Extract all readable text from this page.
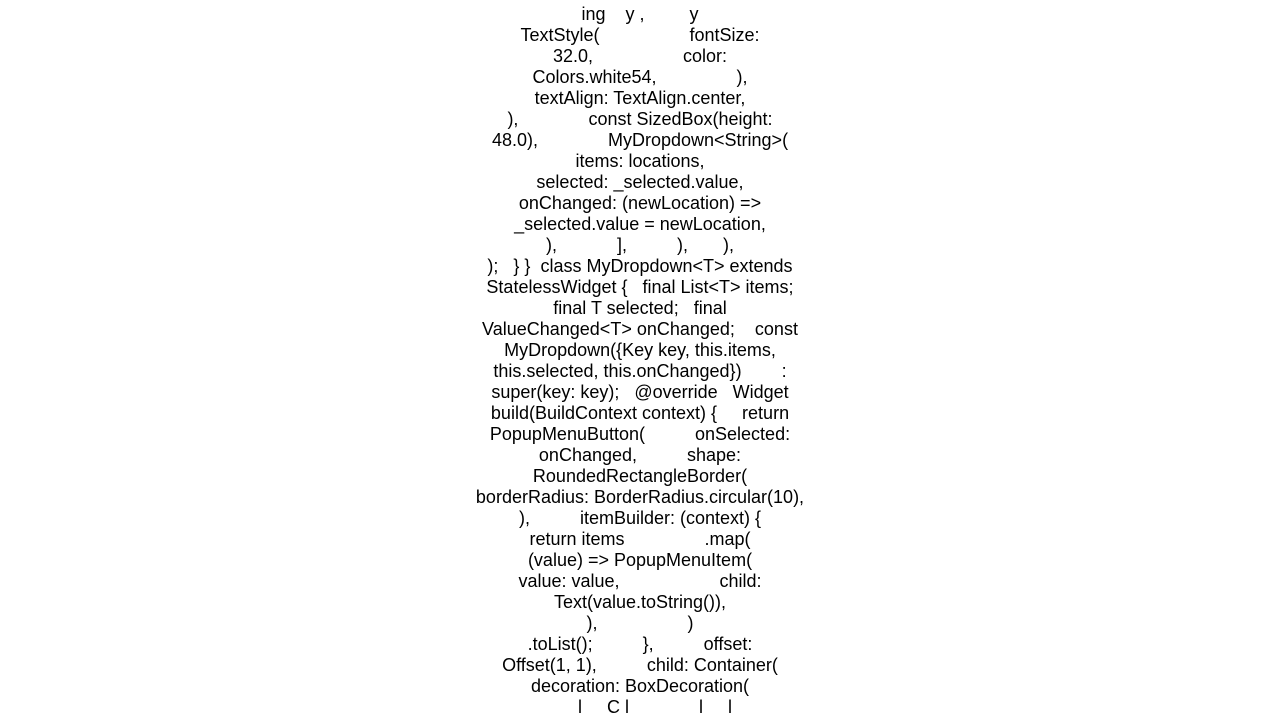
ing    y ,         y
TextStyle(                  fontSize:
32.0,                  color:
Colors.white54,                ),
textAlign: TextAlign.center,
),              const SizedBox(height:
48.0),              MyDropdown<String>(
items: locations,
selected: _selected.value,
onChanged: (newLocation) =>
_selected.value = newLocation,
),            ],          ),       ),
);   } }  class MyDropdown<T> extends
StatelessWidget {   final List<T> items;
final T selected;   final
ValueChanged<T> onChanged;    const
MyDropdown({Key key, this.items,
this.selected, this.onChanged})        :
super(key: key);   @override   Widget
build(BuildContext context) {     return
PopupMenuButton(          onSelected:
onChanged,          shape:
RoundedRectangleBorder(
borderRadius: BorderRadius.circular(10),
),          itemBuilder: (context) {
return items                .map(
(value) => PopupMenuItem(
value: value,                    child:
Text(value.toString()),
),                  )
.toList();          },          offset:
Offset(1, 1),          child: Container(
decoration: BoxDecoration(
l     C l              l     l
